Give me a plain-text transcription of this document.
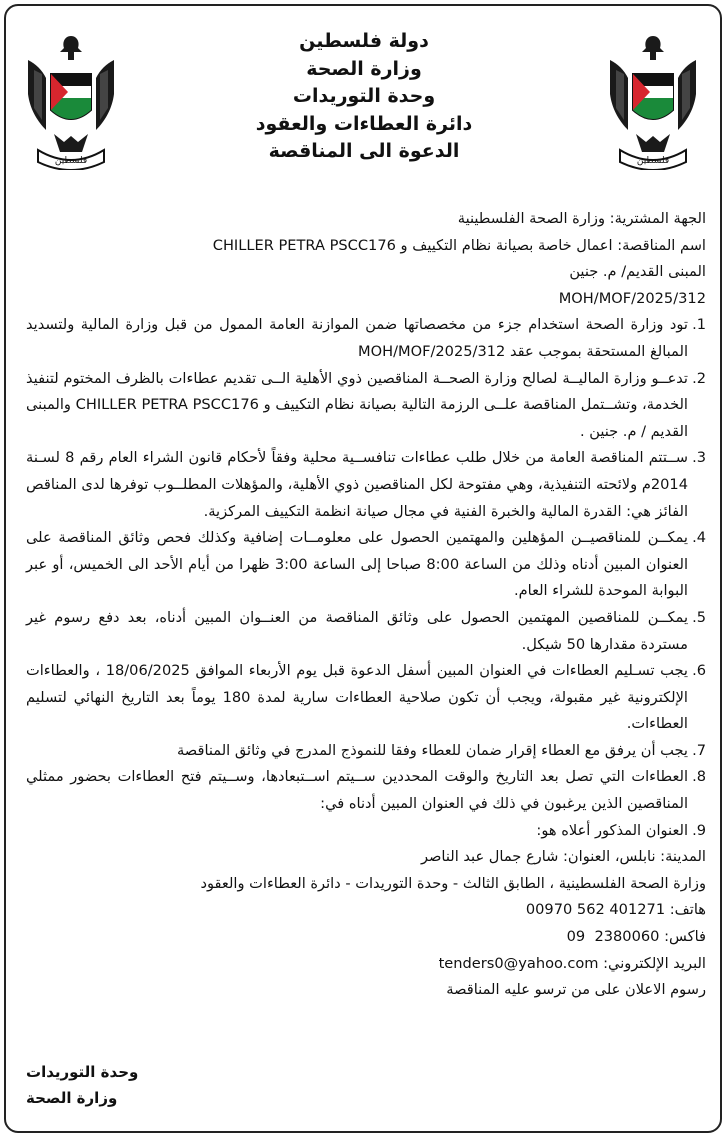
فلسطين	فلسطين
دولة فلسطين
وزارة الصحة
وحدة التوريدات
دائرة العطاءات والعقود
الدعوة الى المناقصة
الجهة المشترية: وزارة الصحة الفلسطينية
اسم المناقصة: اعمال خاصة بصيانة نظام التكييف و CHILLER PETRA PSCC176
المبنى القديم/ م. جنين
MOH/MOF/2025/312
1.

تود وزارة الصحة استخدام جزء من مخصصاتها ضمن الموازنة العامة الممول من قبل وزارة المالية ولتسديد المبالغ المستحقة بموجب عقد MOH/MOF/2025/312

2.

تدعــو وزارة الماليــة لصالح وزارة الصحــة المناقصين ذوي الأهلية الــى تقديم عطاءات بالظرف المختوم لتنفيذ الخدمة، وتشــتمل المناقصة علــى الرزمة التالية بصيانة نظام التكييف و CHILLER PETRA PSCC176 والمبنى القديم / م. جنين .

3.

ســتتم المناقصة العامة من خلال طلب عطاءات تنافســية محلية وفقاً لأحكام قانون الشراء العام رقم 8 لسـنة 2014م ولائحته التنفيذية، وهي مفتوحة لكل المناقصين ذوي الأهلية، والمؤهلات المطلــوب توفرها لدى المناقص الفائز هي: القدرة المالية والخبرة الفنية في مجال صيانة انظمة التكييف المركزية.

4.

يمكــن للمناقصيــن المؤهلين والمهتمين الحصول على معلومــات إضافية وكذلك فحص وثائق المناقصة على العنوان المبين أدناه وذلك من الساعة 8:00 صباحا إلى الساعة 3:00 ظهرا من أيام الأحد الى الخميس، أو عبر البوابة الموحدة للشراء العام.

5.

يمكــن للمناقصين المهتمين الحصول على وثائق المناقصة من العنــوان المبين أدناه، بعد دفع رسوم غير مستردة مقدارها 50 شيكل.

6.

يجب تسـليم العطاءات في العنوان المبين أسفل الدعوة قبل يوم الأربعاء الموافق 18/06/2025 ، والعطاءات الإلكترونية غير مقبولة، ويجب أن تكون صلاحية العطاءات سارية لمدة 180 يوماً بعد التاريخ النهائي لتسليم العطاءات.

7.

يجب أن يرفق مع العطاء إقرار ضمان للعطاء وفقا للنموذج المدرج في وثائق المناقصة

8.

العطاءات التي تصل بعد التاريخ والوقت المحددين ســيتم اســتبعادها، وســيتم فتح العطاءات بحضور ممثلي المناقصين الذين يرغبون في ذلك في العنوان المبين أدناه في:

9.

العنوان المذكور أعلاه هو:

المدينة: نابلس، العنوان: شارع جمال عبد الناصر
وزارة الصحة الفلسطينية ، الطابق الثالث - وحدة التوريدات - دائرة العطاءات والعقود
هاتف: 00970 562 401271
فاكس: 09  2380060
البريد الإلكتروني: tenders0@yahoo.com
رسوم الاعلان على من ترسو عليه المناقصة
وحدة التوريدات
وزارة الصحة
